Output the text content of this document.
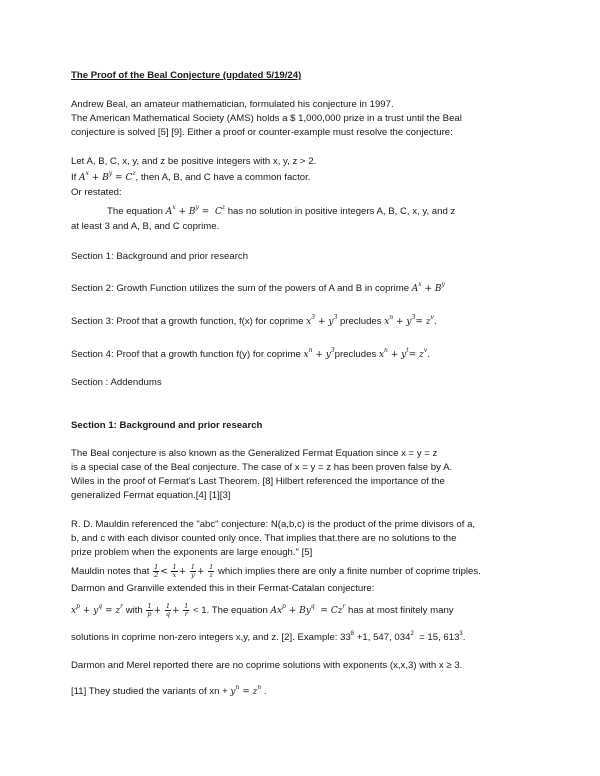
The Proof of the Beal Conjecture (updated 5/19/24)
Andrew Beal, an amateur mathematician, formulated his conjecture in 1997.
The American Mathematical Society (AMS) holds a $ 1,000,000 prize in a trust until the Beal
conjecture is solved [5] [9]. Either a proof or counter-example must resolve the conjecture:
Let A, B, C, x, y, and z be positive integers with x, y, z > 2.
If $A^x + B^y = C^z$, then A, B, and C have a common factor.
Or restated:
The equation $A^x + B^y = C^z$ has no solution in positive integers A, B, C, x, y, and z
at least 3 and A, B, and C coprime.
Section 1: Background and prior research
Section 2: Growth Function utilizes the sum of the powers of A and B in coprime $A^x + B^y$
Section 3: Proof that a growth function, f(x) for coprime $x^3 + y^3$ precludes $x^n + y^3= z^v$.
Section 4: Proof that a growth function f(y) for coprime $x^n$ + $y^3precludes$ $x^n + y^t= z^v$.
Section : Addendums
Section 1: Background and prior research
The Beal conjecture is also known as the Generalized Fermat Equation since x = y = z
is a special case of the Beal conjecture. The case of x = y = z has been proven false by A.
Wiles in the proof of Fermat's Last Theorem. [8] Hilbert referenced the importance of the
generalized Fermat equation.[4] [1][3]
R. D. Mauldin referenced the "abc" conjecture: N(a,b,c) is the product of the prime divisors of a,
b, and c with each divisor counted only once. That implies that.there are no solutions to the
prize problem when the exponents are large enough." [5]
Mauldin notes that $\frac{1}{2} < \frac{1}{x} + \frac{1}{y} + \frac{1}{z}$ which implies there are only a finite number of coprime triples.
Darmon and Granville extended this in their Fermat-Catalan conjecture:
$x^p + y^q = z^r$ with $\frac{1}{p} + \frac{1}{q} + \frac{1}{r} < 1$. The equation $Ax^p + By^q = Cz^r$ has at most finitely many
solutions in coprime non-zero integers x,y, and z. [2]. Example: $33^8 +1$, 547, $034^2 = 15$, $613^3$.
Darmon and Merel reported there are no coprime solutions with exponents (x,x,3) with x ≥ 3.
[11] They studied the variants of xn + $y^n = z^n$ .
